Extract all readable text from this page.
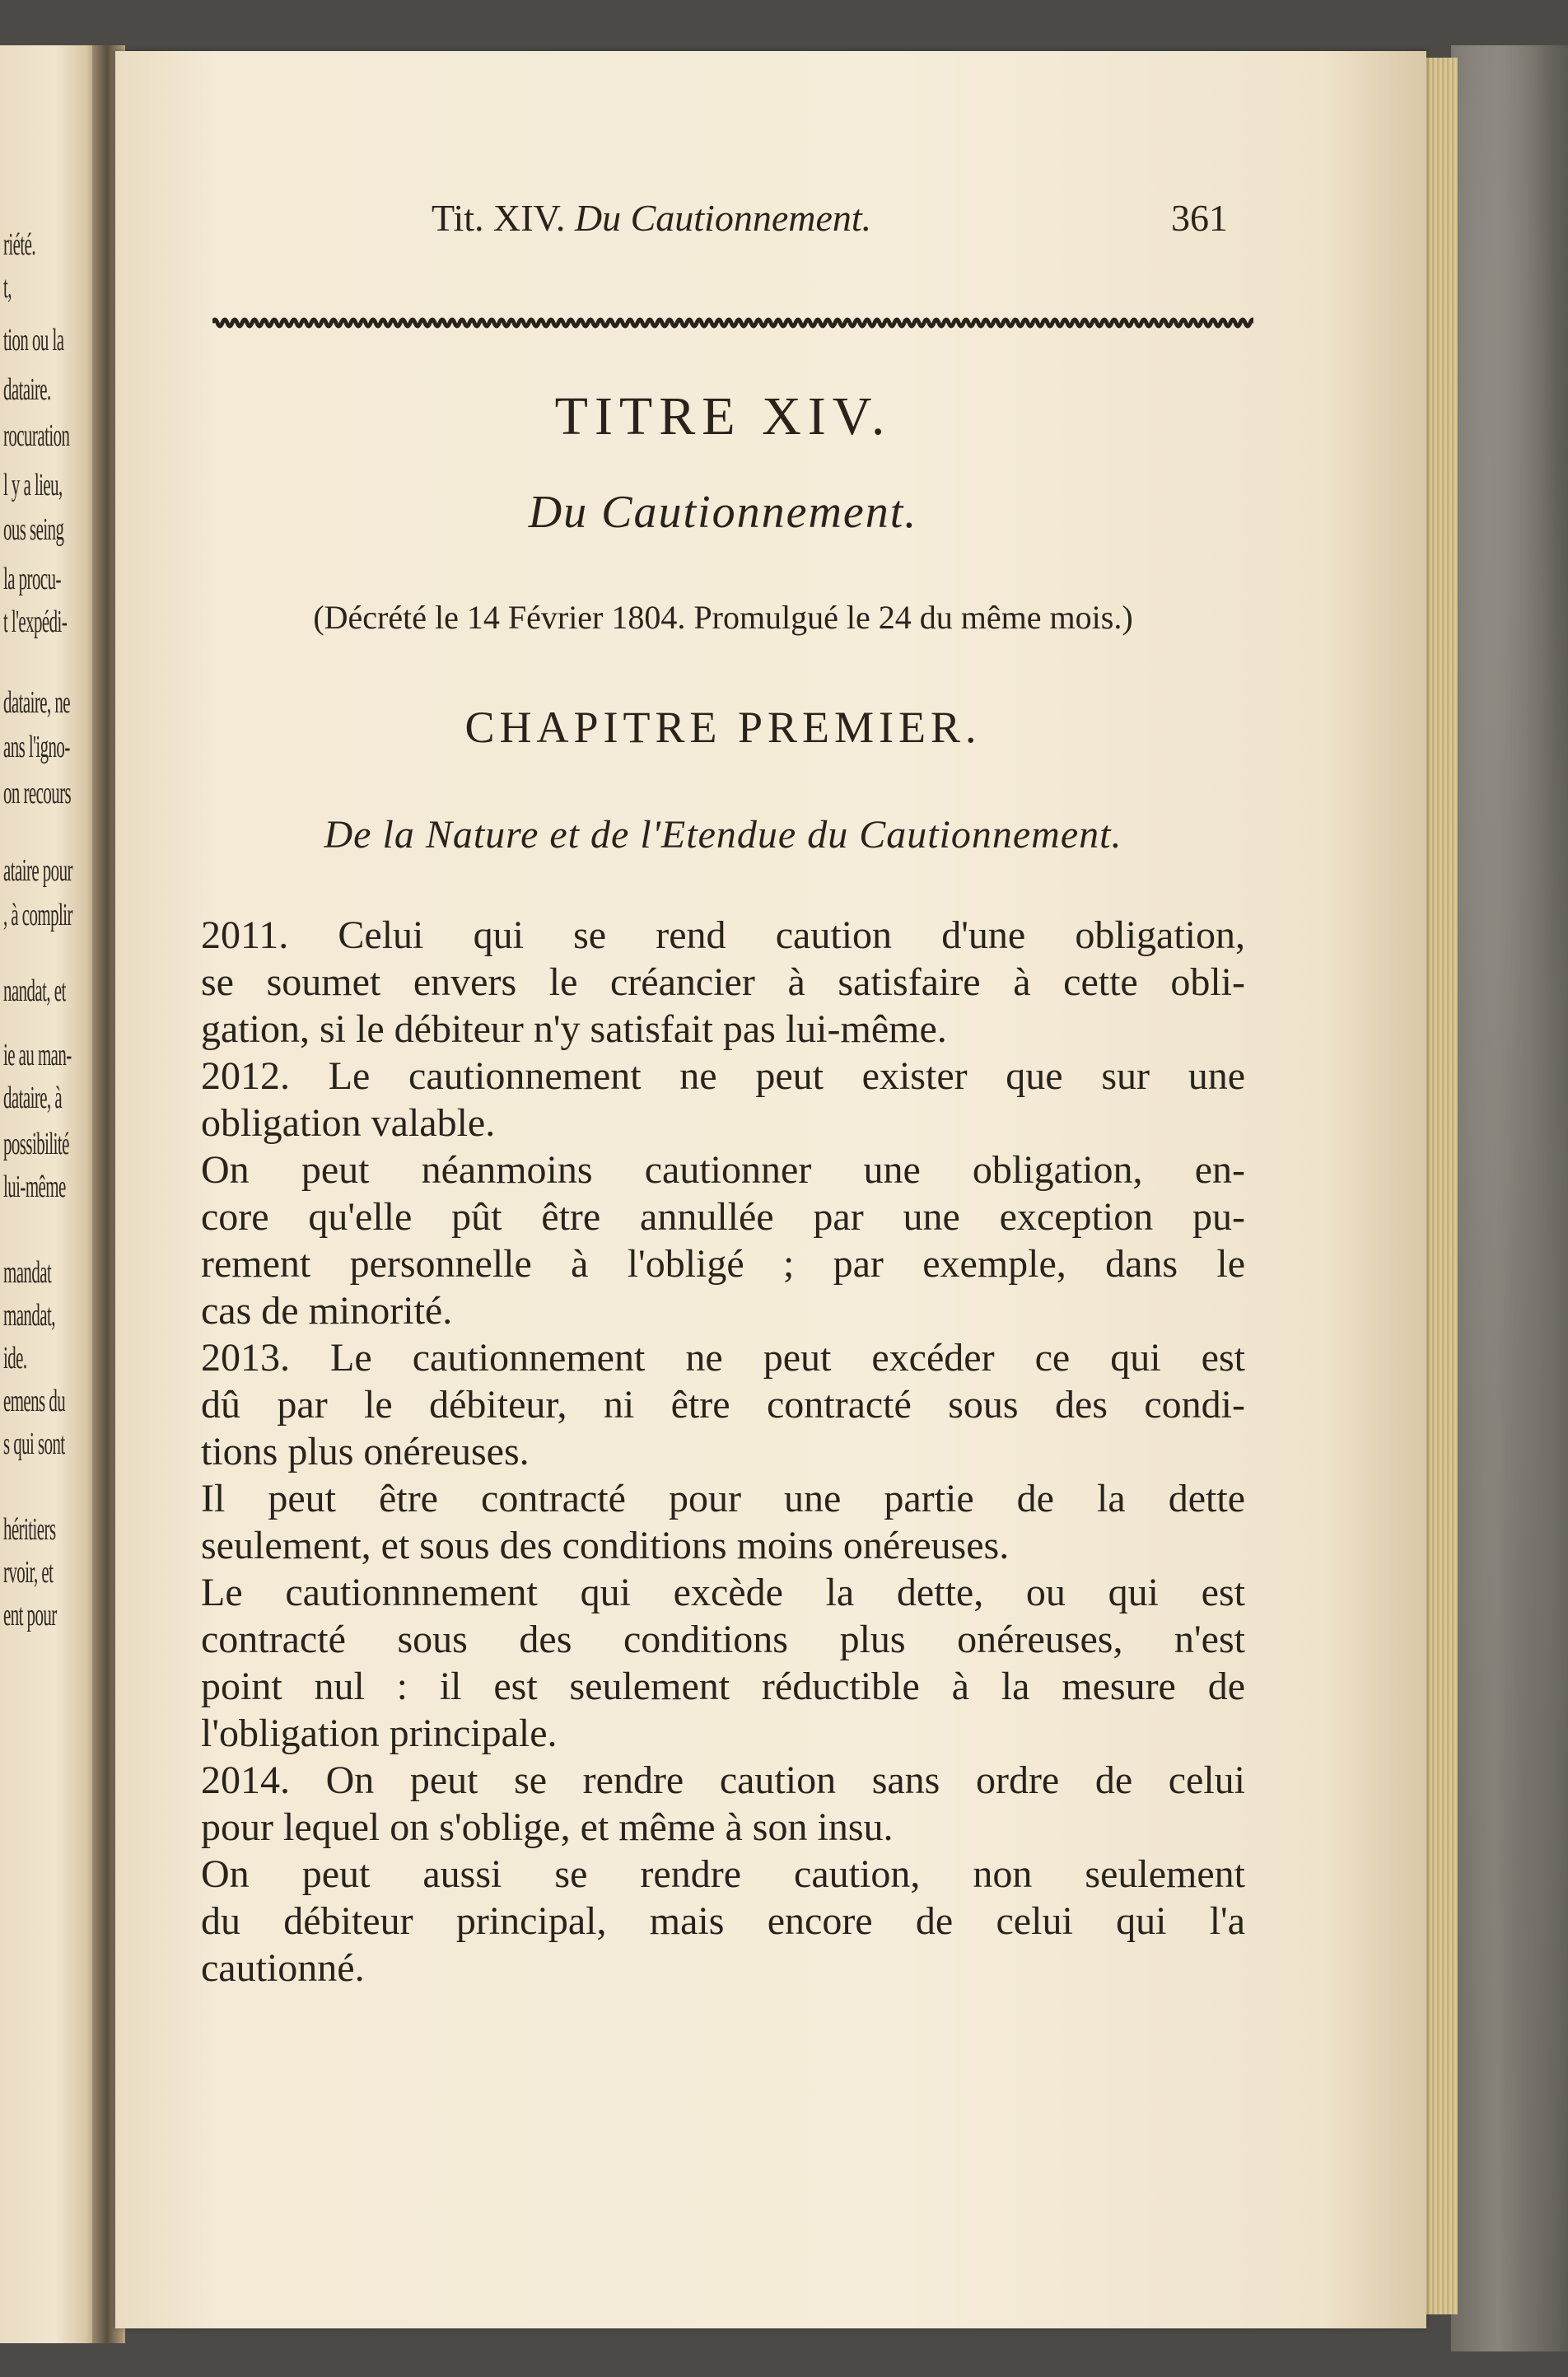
riété.
t,
tion ou la
dataire.
rocuration
l y a lieu,
ous seing
la procu-
t l'expédi-
dataire, ne
ans l'igno-
on recours
ataire pour
, à complir
nandat, et
ie au man-
dataire, à
possibilité
lui-même
mandat
mandat,
ide.
emens du
s qui sont
héritiers
rvoir, et
ent pour
Tit. XIV. Du Cautionnement.	361
TITRE XIV.
Du Cautionnement.
(Décrété le 14 Février 1804. Promulgué le 24 du même mois.)
CHAPITRE PREMIER.
De la Nature et de l'Etendue du Cautionnement.
2011. Celui qui se rend caution d'une obligation,
se soumet envers le créancier à satisfaire à cette obli-
gation, si le débiteur n'y satisfait pas lui-même.
2012. Le cautionnement ne peut exister que sur une
obligation valable.
On peut néanmoins cautionner une obligation, en-
core qu'elle pût être annullée par une exception pu-
rement personnelle à l'obligé ; par exemple, dans le
cas de minorité.
2013. Le cautionnement ne peut excéder ce qui est
dû par le débiteur, ni être contracté sous des condi-
tions plus onéreuses.
Il peut être contracté pour une partie de la dette
seulement, et sous des conditions moins onéreuses.
Le cautionnnement qui excède la dette, ou qui est
contracté sous des conditions plus onéreuses, n'est
point nul : il est seulement réductible à la mesure de
l'obligation principale.
2014. On peut se rendre caution sans ordre de celui
pour lequel on s'oblige, et même à son insu.
On peut aussi se rendre caution, non seulement
du débiteur principal, mais encore de celui qui l'a
cautionné.
